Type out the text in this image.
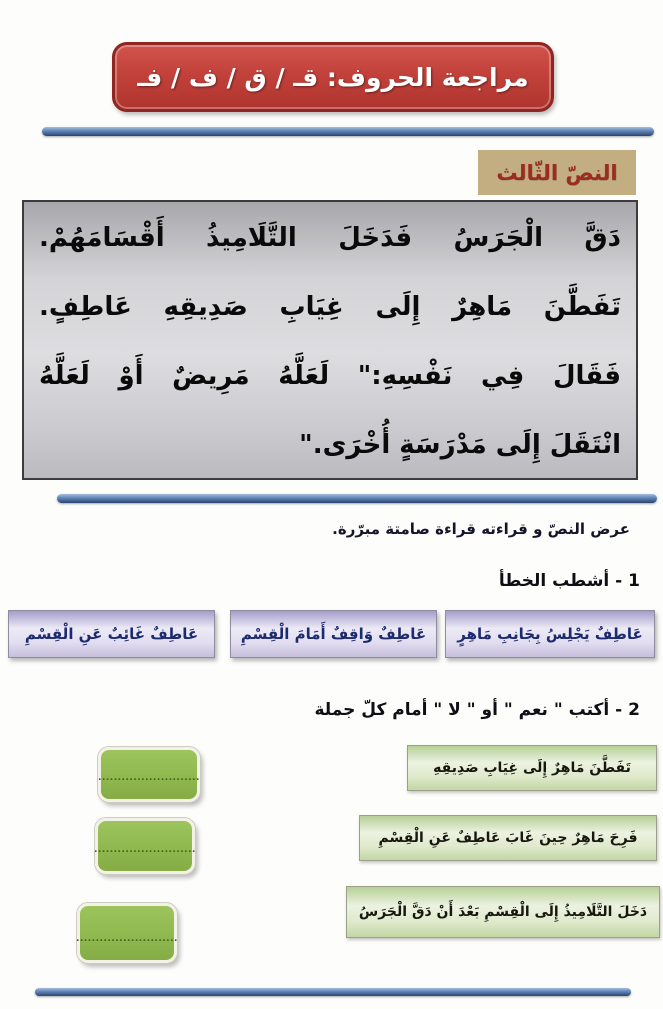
مراجعة الحروف: قـ / ق / ف / فـ
النصّ الثّالث
دَقَّ الْجَرَسُ فَدَخَلَ التَّلَامِيذُ أَقْسَامَهُمْ.
تَفَطَّنَ مَاهِرٌ إِلَى غِيَابِ صَدِيقِهِ عَاطِفٍ.
فَقَالَ فِي نَفْسِهِ:" لَعَلَّهُ مَرِيضٌ أَوْ لَعَلَّهُ
انْتَقَلَ إِلَى مَدْرَسَةٍ أُخْرَى."
عرض النصّ و قراءته قراءة صامتة مبرّرة.
1 - أشطب الخطأ
عَاطِفٌ يَجْلِسُ بِجَانِبِ مَاهِرٍ
عَاطِفٌ وَاقِفٌ أَمَامَ الْقِسْمِ
عَاطِفٌ غَائِبٌ عَنِ الْقِسْمِ
2 - أكتب " نعم " أو " لا " أمام كلّ جملة
تَفَطَّنَ مَاهِرٌ إِلَى غِيَابِ صَدِيقِهِ
..........................
فَرِحَ مَاهِرٌ حِينَ غَابَ عَاطِفٌ عَنِ الْقِسْمِ
..........................
دَخَلَ التَّلَامِيذُ إِلَى الْقِسْمِ بَعْدَ أَنْ دَقَّ الْجَرَسُ
..........................
